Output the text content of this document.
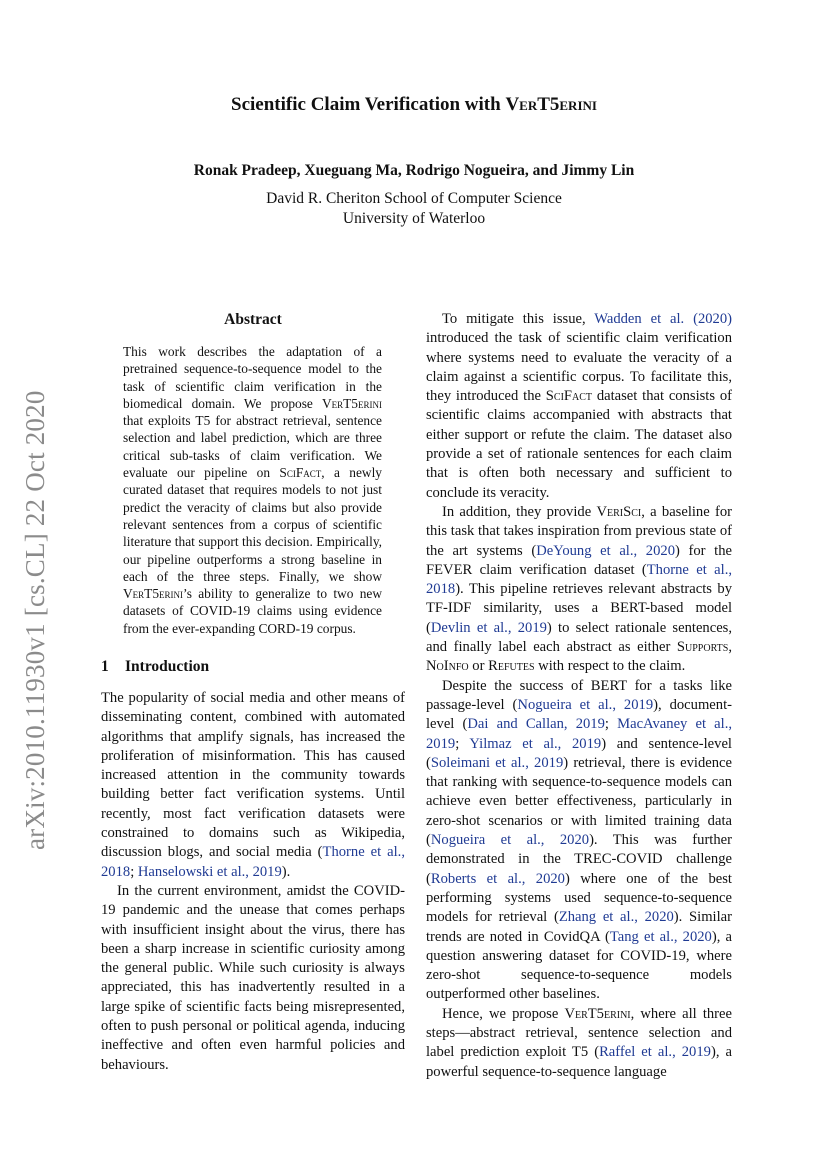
arXiv:2010.11930v1 [cs.CL] 22 Oct 2020
Scientific Claim Verification with VerT5erini
Ronak Pradeep, Xueguang Ma, Rodrigo Nogueira, and Jimmy Lin
David R. Cheriton School of Computer Science
University of Waterloo
Abstract
This work describes the adaptation of a pretrained sequence-to-sequence model to the task of scientific claim verification in the biomedical domain. We propose VerT5erini that exploits T5 for abstract retrieval, sentence selection and label prediction, which are three critical sub-tasks of claim verification. We evaluate our pipeline on SciFact, a newly curated dataset that requires models to not just predict the veracity of claims but also provide relevant sentences from a corpus of scientific literature that support this decision. Empirically, our pipeline outperforms a strong baseline in each of the three steps. Finally, we show VerT5erini’s ability to generalize to two new datasets of COVID-19 claims using evidence from the ever-expanding CORD-19 corpus.
1 Introduction

The popularity of social media and other means of disseminating content, combined with automated algorithms that amplify signals, has increased the proliferation of misinformation. This has caused increased attention in the community towards building better fact verification systems. Until recently, most fact verification datasets were constrained to domains such as Wikipedia, discussion blogs, and social media (Thorne et al., 2018; Hanselowski et al., 2019).

In the current environment, amidst the COVID-19 pandemic and the unease that comes perhaps with insufficient insight about the virus, there has been a sharp increase in scientific curiosity among the general public. While such curiosity is always appreciated, this has inadvertently resulted in a large spike of scientific facts being misrepresented, often to push personal or political agenda, inducing ineffective and often even harmful policies and behaviours.

To mitigate this issue, Wadden et al. (2020) introduced the task of scientific claim verification where systems need to evaluate the veracity of a claim against a scientific corpus. To facilitate this, they introduced the SciFact dataset that consists of scientific claims accompanied with abstracts that either support or refute the claim. The dataset also provide a set of rationale sentences for each claim that is often both necessary and sufficient to conclude its veracity.

In addition, they provide VeriSci, a baseline for this task that takes inspiration from previous state of the art systems (DeYoung et al., 2020) for the FEVER claim verification dataset (Thorne et al., 2018). This pipeline retrieves relevant abstracts by TF-IDF similarity, uses a BERT-based model (Devlin et al., 2019) to select rationale sentences, and finally label each abstract as either Supports, NoInfo or Refutes with respect to the claim.

Despite the success of BERT for a tasks like passage-level (Nogueira et al., 2019), document-level (Dai and Callan, 2019; MacAvaney et al., 2019; Yilmaz et al., 2019) and sentence-level (Soleimani et al., 2019) retrieval, there is evidence that ranking with sequence-to-sequence models can achieve even better effectiveness, particularly in zero-shot scenarios or with limited training data (Nogueira et al., 2020). This was further demonstrated in the TREC-COVID challenge (Roberts et al., 2020) where one of the best performing systems used sequence-to-sequence models for retrieval (Zhang et al., 2020). Similar trends are noted in CovidQA (Tang et al., 2020), a question answering dataset for COVID-19, where zero-shot sequence-to-sequence models outperformed other baselines.

Hence, we propose VerT5erini, where all three steps—abstract retrieval, sentence selection and label prediction exploit T5 (Raffel et al., 2019), a powerful sequence-to-sequence language
